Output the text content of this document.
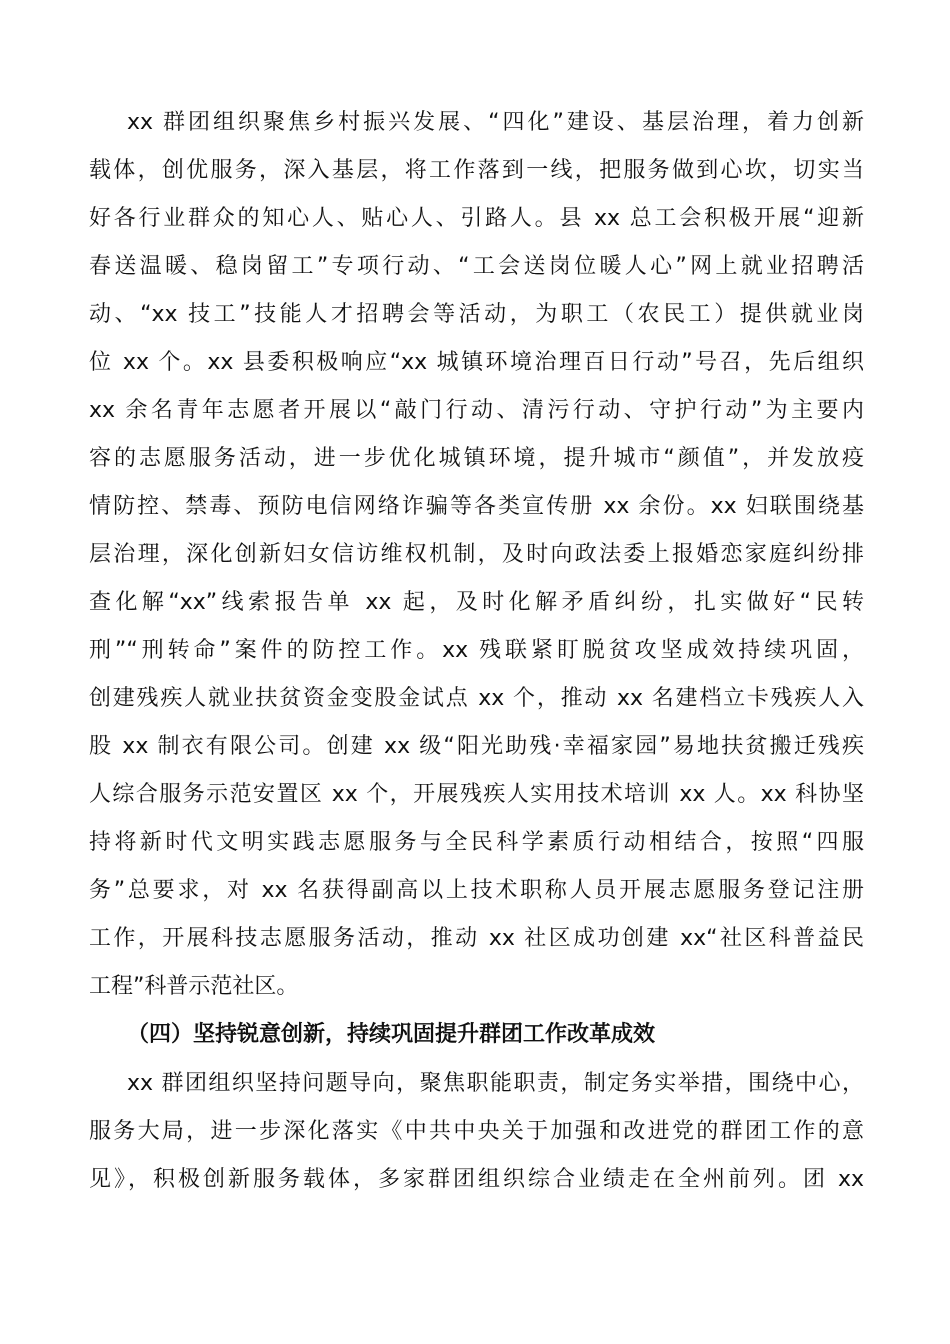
xx 群团组织聚焦乡村振兴发展、“四化”建设、基层治理，着力创新
载体，创优服务，深入基层，将工作落到一线，把服务做到心坎，切实当
好各行业群众的知心人、贴心人、引路人。县 xx 总工会积极开展“迎新
春送温暖、稳岗留工”专项行动、“工会送岗位暖人心”网上就业招聘活
动、“xx 技工”技能人才招聘会等活动，为职工（农民工）提供就业岗
位 xx 个。xx 县委积极响应“xx 城镇环境治理百日行动”号召，先后组织
xx 余名青年志愿者开展以“敲门行动、清污行动、守护行动”为主要内
容的志愿服务活动，进一步优化城镇环境，提升城市“颜值”，并发放疫
情防控、禁毒、预防电信网络诈骗等各类宣传册 xx 余份。xx 妇联围绕基
层治理，深化创新妇女信访维权机制，及时向政法委上报婚恋家庭纠纷排
查化解“xx”线索报告单 xx 起，及时化解矛盾纠纷，扎实做好“民转
刑”“刑转命”案件的防控工作。xx 残联紧盯脱贫攻坚成效持续巩固，
创建残疾人就业扶贫资金变股金试点 xx 个，推动 xx 名建档立卡残疾人入
股 xx 制衣有限公司。创建 xx 级“阳光助残·幸福家园”易地扶贫搬迁残疾
人综合服务示范安置区 xx 个，开展残疾人实用技术培训 xx 人。xx 科协坚
持将新时代文明实践志愿服务与全民科学素质行动相结合，按照“四服
务”总要求，对 xx 名获得副高以上技术职称人员开展志愿服务登记注册
工作，开展科技志愿服务活动，推动 xx 社区成功创建 xx“社区科普益民
工程”科普示范社区。
（四）坚持锐意创新，持续巩固提升群团工作改革成效
xx 群团组织坚持问题导向，聚焦职能职责，制定务实举措，围绕中心，
服务大局，进一步深化落实《中共中央关于加强和改进党的群团工作的意
见》，积极创新服务载体，多家群团组织综合业绩走在全州前列。团 xx
